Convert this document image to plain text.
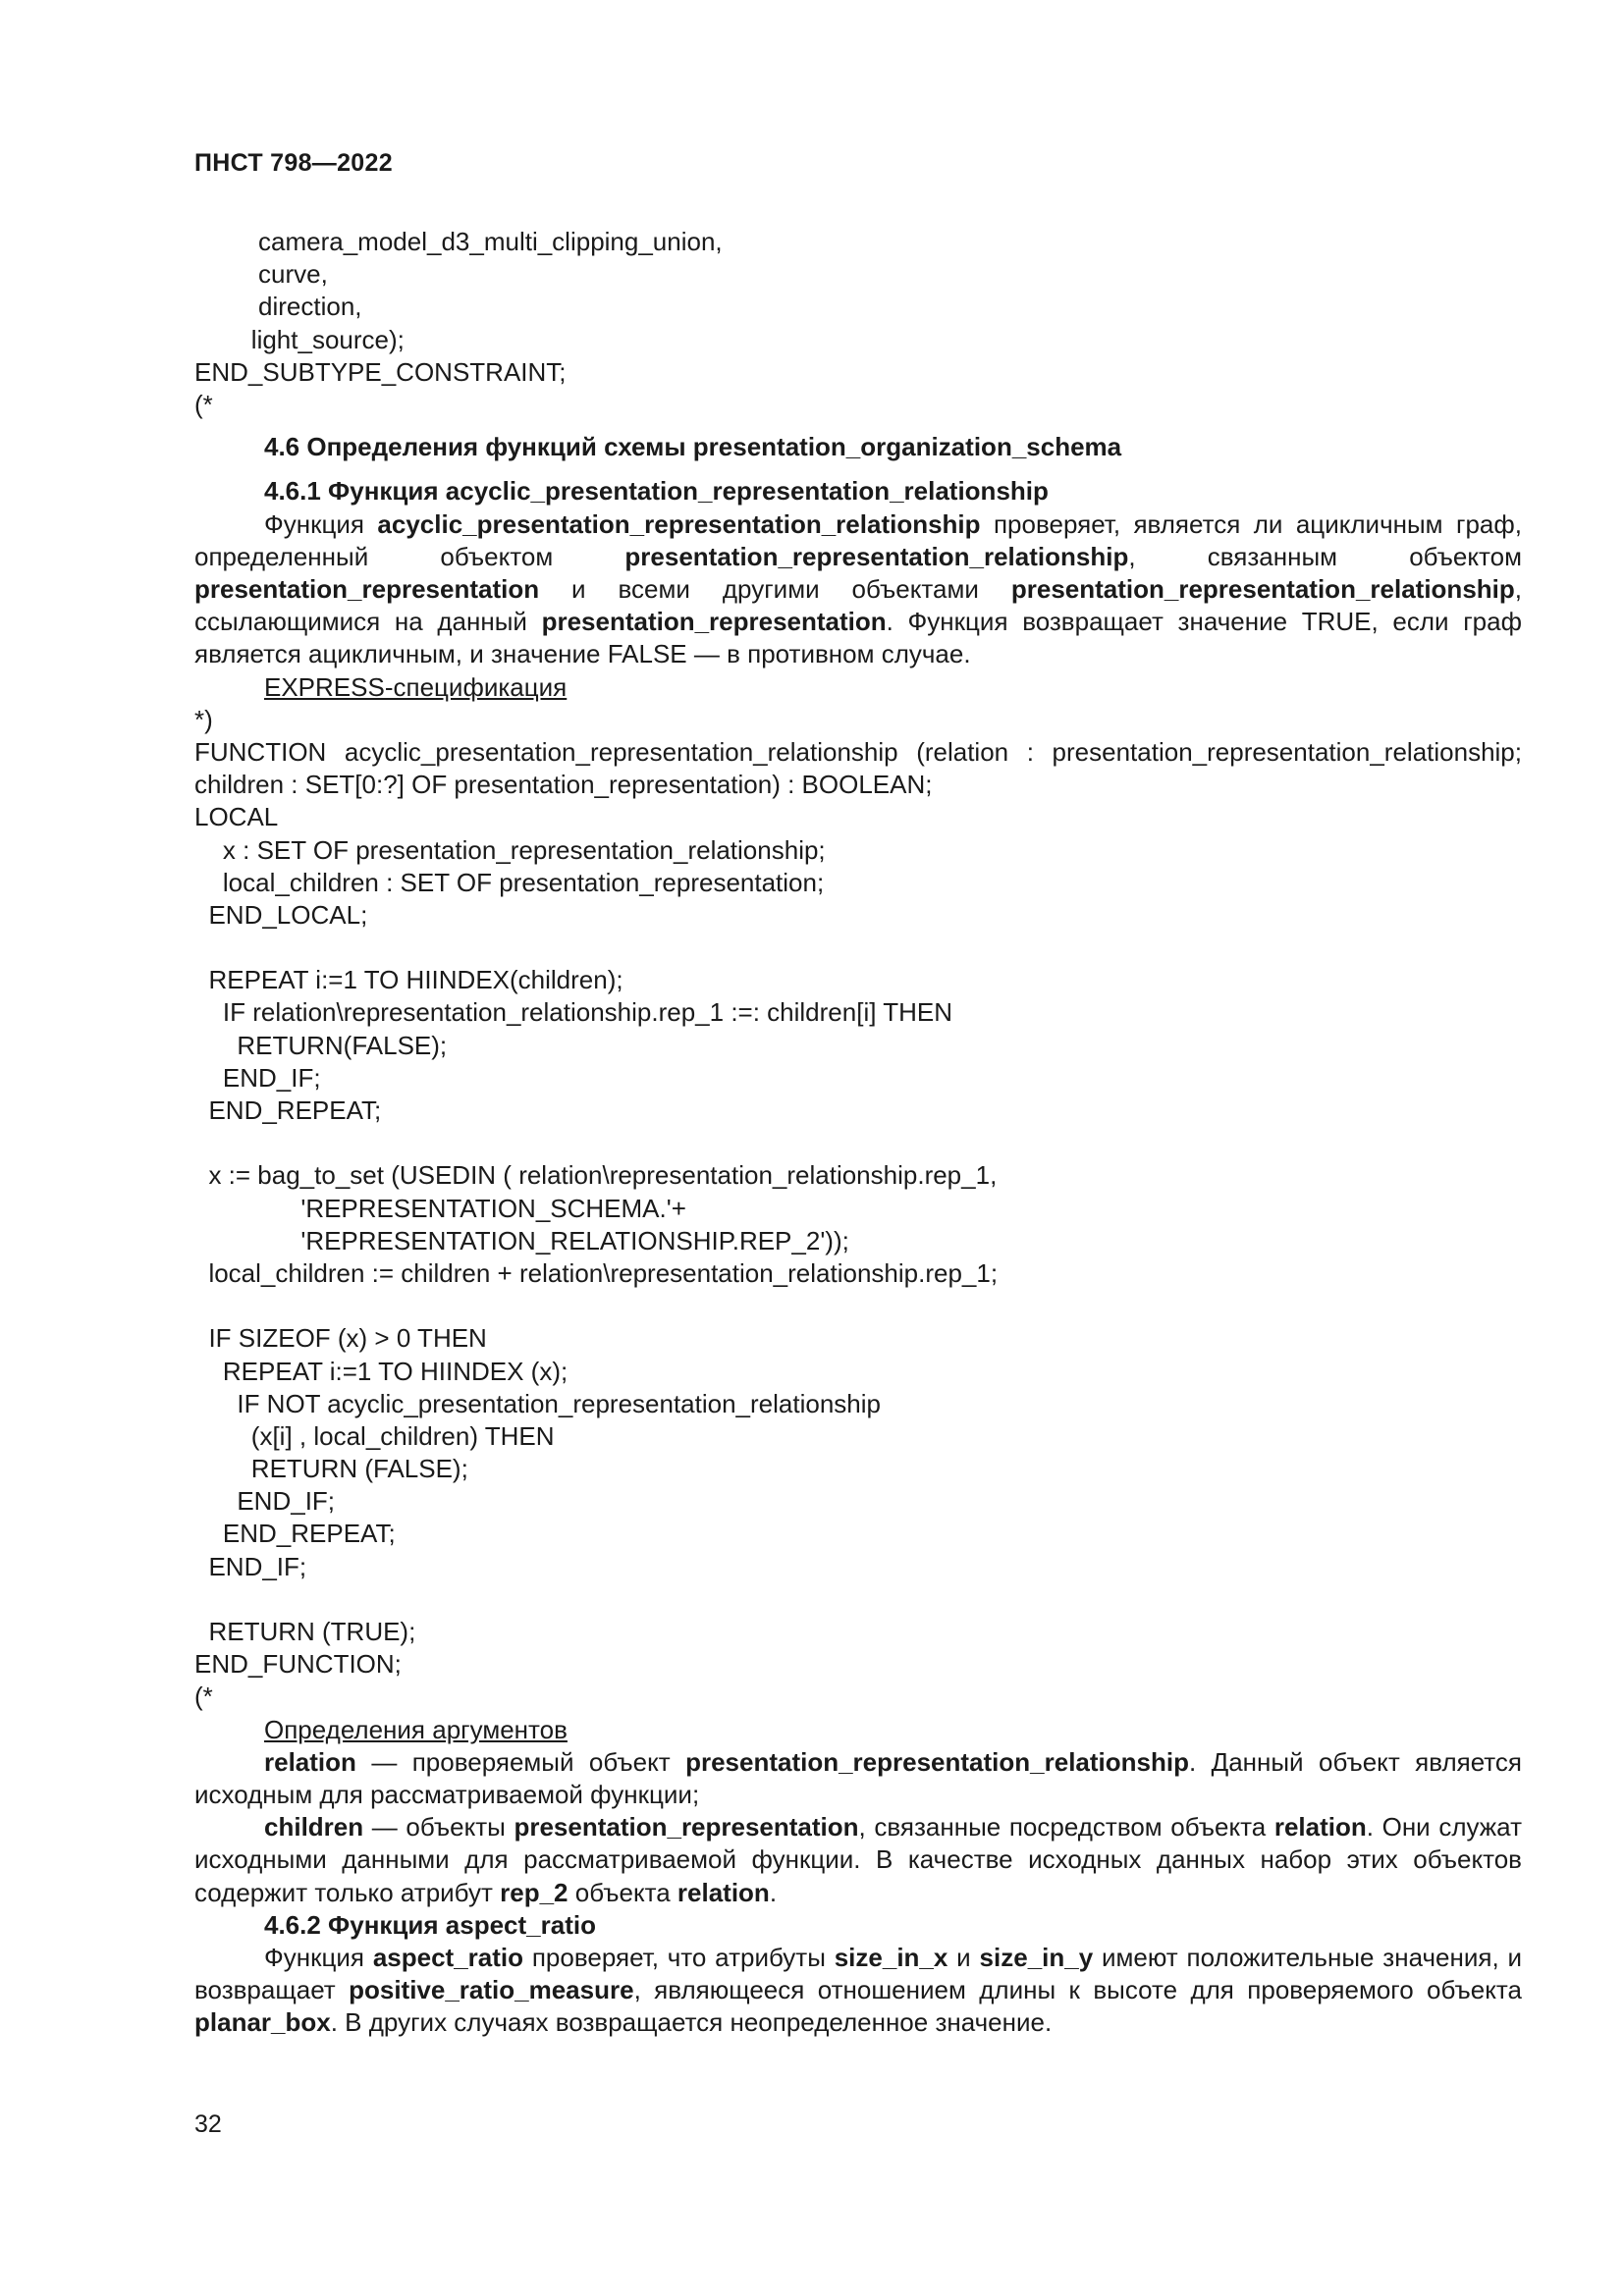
ПНСТ 798—2022
camera_model_d3_multi_clipping_union,
curve,
direction,
light_source);
END_SUBTYPE_CONSTRAINT;
(*
4.6 Определения функций схемы presentation_organization_schema
4.6.1 Функция acyclic_presentation_representation_relationship
Функция acyclic_presentation_representation_relationship проверяет, является ли ацикличным граф, определенный объектом presentation_representation_relationship, связанным объектом presentation_representation и всеми другими объектами presentation_representation_relationship, ссылающимися на данный presentation_representation. Функция возвращает значение TRUE, если граф является ацикличным, и значение FALSE — в противном случае.
EXPRESS-спецификация
*)
FUNCTION acyclic_presentation_representation_relationship (relation : presentation_representation_relationship; children : SET[0:?] OF presentation_representation) : BOOLEAN;
LOCAL
x : SET OF presentation_representation_relationship;
local_children : SET OF presentation_representation;
END_LOCAL;
REPEAT i:=1 TO HIINDEX(children);
IF relation\representation_relationship.rep_1 :=: children[i] THEN
RETURN(FALSE);
END_IF;
END_REPEAT;
x := bag_to_set (USEDIN ( relation\representation_relationship.rep_1,
'REPRESENTATION_SCHEMA.'+
'REPRESENTATION_RELATIONSHIP.REP_2'));
local_children := children + relation\representation_relationship.rep_1;
IF SIZEOF (x) > 0 THEN
REPEAT i:=1 TO HIINDEX (x);
IF NOT acyclic_presentation_representation_relationship
(x[i] , local_children) THEN
RETURN (FALSE);
END_IF;
END_REPEAT;
END_IF;
RETURN (TRUE);
END_FUNCTION;
(*
Определения аргументов
relation — проверяемый объект presentation_representation_relationship. Данный объект является исходным для рассматриваемой функции;
children — объекты presentation_representation, связанные посредством объекта relation. Они служат исходными данными для рассматриваемой функции. В качестве исходных данных набор этих объектов содержит только атрибут rep_2 объекта relation.
4.6.2 Функция aspect_ratio
Функция aspect_ratio проверяет, что атрибуты size_in_x и size_in_y имеют положительные значения, и возвращает positive_ratio_measure, являющееся отношением длины к высоте для проверяемого объекта planar_box. В других случаях возвращается неопределенное значение.
32
